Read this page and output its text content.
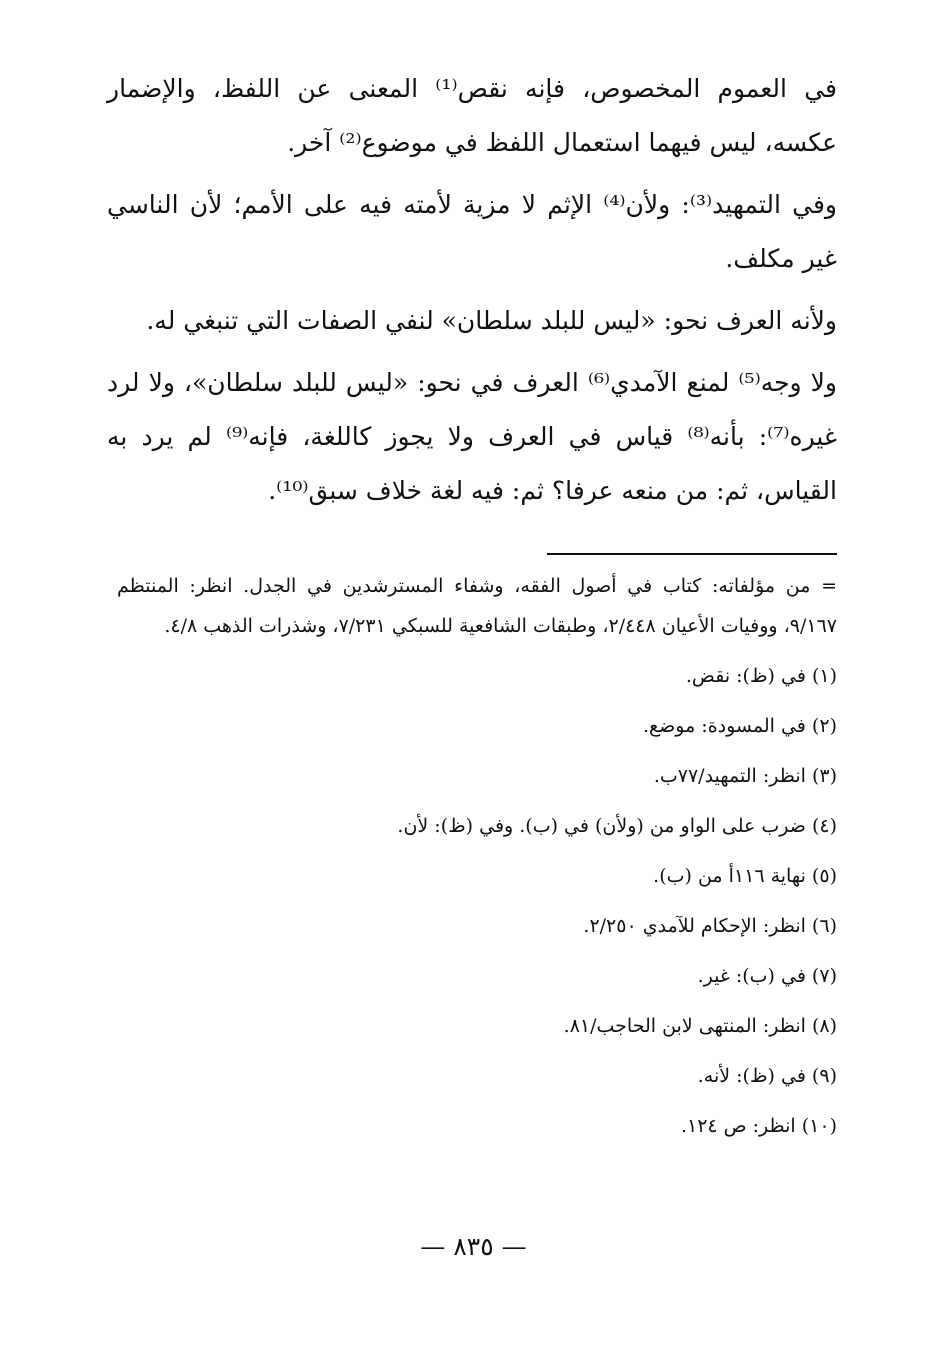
في العموم المخصوص، فإنه نقص⁽¹⁾ المعنى عن اللفظ، والإضمار عكسه، ليس فيهما استعمال اللفظ في موضوع⁽²⁾ آخر.

وفي التمهيد⁽³⁾: ولأن⁽⁴⁾ الإثم لا مزية لأمته فيه على الأمم؛ لأن الناسي غير مكلف.

ولأنه العرف نحو: «ليس للبلد سلطان» لنفي الصفات التي تنبغي له.

ولا وجه⁽⁵⁾ لمنع الآمدي⁽⁶⁾ العرف في نحو: «ليس للبلد سلطان»، ولا لرد غيره⁽⁷⁾: بأنه⁽⁸⁾ قياس في العرف ولا يجوز كاللغة، فإنه⁽⁹⁾ لم يرد به القياس، ثم: من منعه عرفا؟ ثم: فيه لغة خلاف سبق⁽¹⁰⁾.

= من مؤلفاته: كتاب في أصول الفقه، وشفاء المسترشدين في الجدل. انظر: المنتظم ٩/١٦٧، ووفيات الأعيان ٢/٤٤٨، وطبقات الشافعية للسبكي ٧/٢٣١، وشذرات الذهب ٤/٨.

(١) في (ظ): نقض.
(٢) في المسودة: موضع.
(٣) انظر: التمهيد/٧٧ب.
(٤) ضرب على الواو من (ولأن) في (ب). وفي (ظ): لأن.
(٥) نهاية ١١٦أ من (ب).
(٦) انظر: الإحكام للآمدي ٢/٢٥٠.
(٧) في (ب): غير.
(٨) انظر: المنتهى لابن الحاجب/٨١.
(٩) في (ظ): لأنه.
(١٠) انظر: ص ١٢٤.
— ٨٣٥ —
